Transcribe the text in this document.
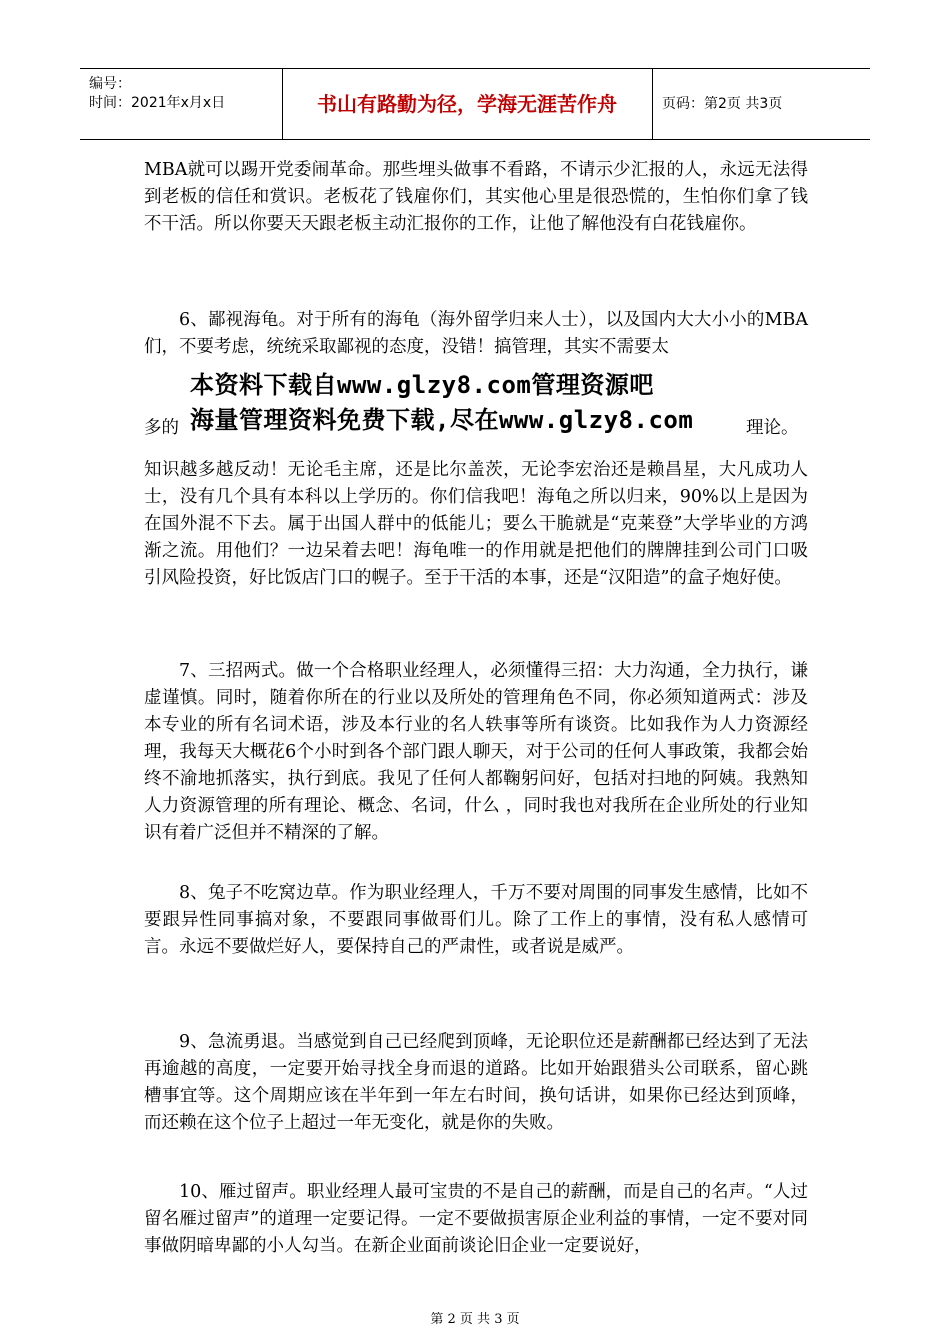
编号：
时间：2021年x月x日	书山有路勤为径，学海无涯苦作舟	页码：第2页 共3页
MBA就可以踢开党委闹革命。那些埋头做事不看路，不请示少汇报的人，永远无法得到老板的信任和赏识。老板花了钱雇你们，其实他心里是很恐慌的，生怕你们拿了钱不干活。所以你要天天跟老板主动汇报你的工作，让他了解他没有白花钱雇你。
6、鄙视海龟。对于所有的海龟（海外留学归来人士），以及国内大大小小的MBA们，不要考虑，统统采取鄙视的态度，没错！搞管理，其实不需要太
本资料下载自www.glzy8.com管理资源吧
多的 海量管理资料免费下载,尽在www.glzy8.com	理论。
知识越多越反动！无论毛主席，还是比尔盖茨，无论李宏治还是赖昌星，大凡成功人士，没有几个具有本科以上学历的。你们信我吧！海龟之所以归来，90%以上是因为在国外混不下去。属于出国人群中的低能儿；要么干脆就是“克莱登”大学毕业的方鸿渐之流。用他们？一边呆着去吧！海龟唯一的作用就是把他们的牌牌挂到公司门口吸引风险投资，好比饭店门口的幌子。至于干活的本事，还是“汉阳造”的盒子炮好使。
7、三招两式。做一个合格职业经理人，必须懂得三招：大力沟通，全力执行，谦虚谨慎。同时，随着你所在的行业以及所处的管理角色不同，你必须知道两式：涉及本专业的所有名词术语，涉及本行业的名人轶事等所有谈资。比如我作为人力资源经理，我每天大概花6个小时到各个部门跟人聊天，对于公司的任何人事政策，我都会始终不渝地抓落实，执行到底。我见了任何人都鞠躬问好，包括对扫地的阿姨。我熟知人力资源管理的所有理论、概念、名词，什么 ，同时我也对我所在企业所处的行业知识有着广泛但并不精深的了解。
8、兔子不吃窝边草。作为职业经理人，千万不要对周围的同事发生感情，比如不要跟异性同事搞对象，不要跟同事做哥们儿。除了工作上的事情，没有私人感情可言。永远不要做烂好人，要保持自己的严肃性，或者说是威严。
9、急流勇退。当感觉到自己已经爬到顶峰，无论职位还是薪酬都已经达到了无法再逾越的高度，一定要开始寻找全身而退的道路。比如开始跟猎头公司联系，留心跳槽事宜等。这个周期应该在半年到一年左右时间，换句话讲，如果你已经达到顶峰，而还赖在这个位子上超过一年无变化，就是你的失败。
10、雁过留声。职业经理人最可宝贵的不是自己的薪酬，而是自己的名声。“人过留名雁过留声”的道理一定要记得。一定不要做损害原企业利益的事情，一定不要对同事做阴暗卑鄙的小人勾当。在新企业面前谈论旧企业一定要说好，
第 2 页 共 3 页
